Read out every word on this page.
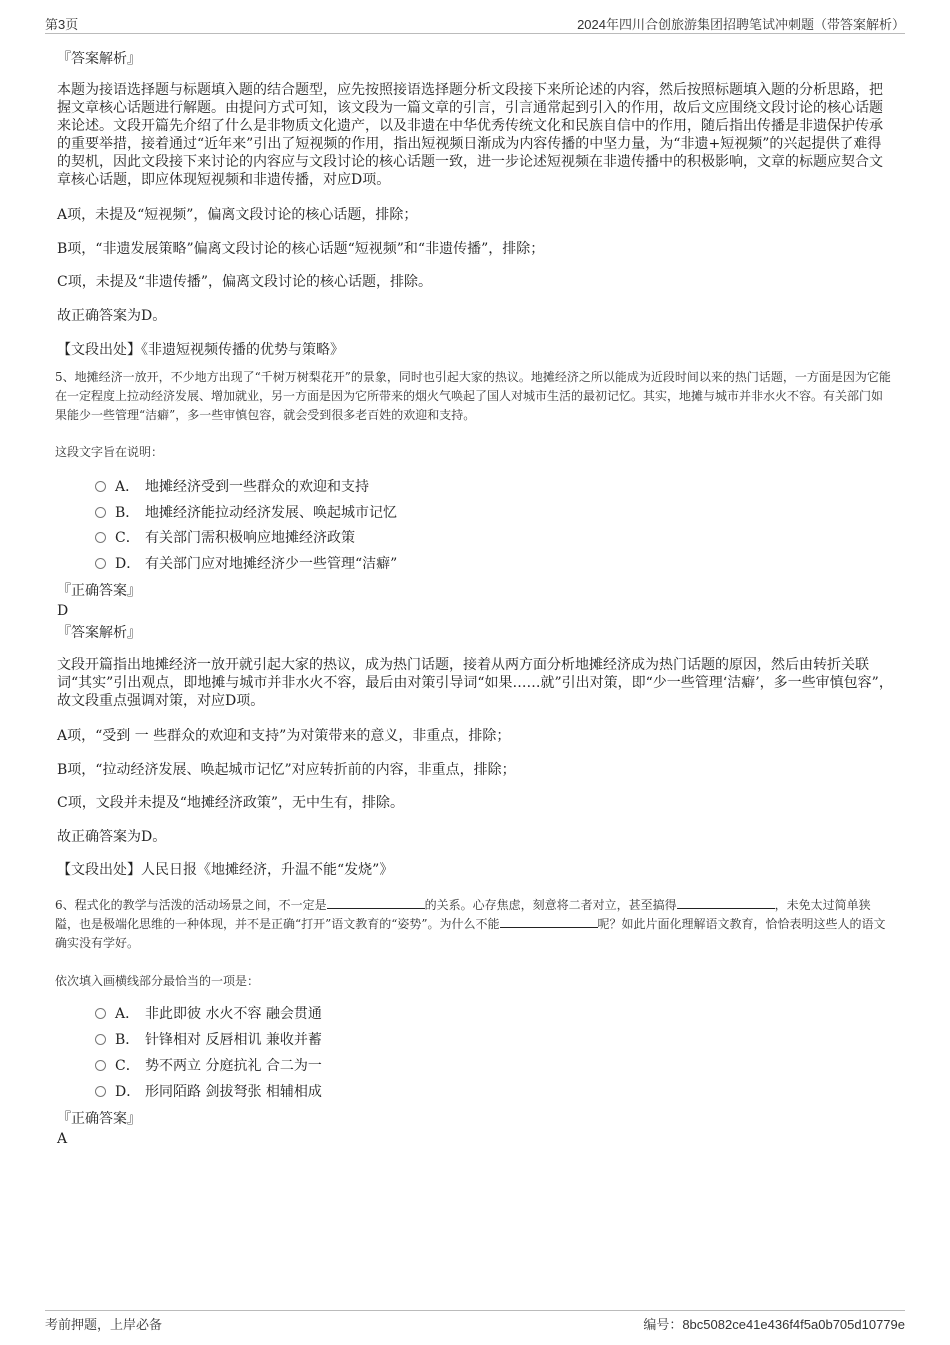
第3页	2024年四川合创旅游集团招聘笔试冲刺题（带答案解析）
『答案解析』

本题为接语选择题与标题填入题的结合题型，应先按照接语选择题分析文段接下来所论述的内容，然后按照标题填入题的分析思路，把握文章核心话题进行解题。由提问方式可知，该文段为一篇文章的引言，引言通常起到引入的作用，故后文应围绕文段讨论的核心话题来论述。文段开篇先介绍了什么是非物质文化遗产，以及非遗在中华优秀传统文化和民族自信中的作用，随后指出传播是非遗保护传承的重要举措，接着通过“近年来”引出了短视频的作用，指出短视频日渐成为内容传播的中坚力量，为“非遗+短视频”的兴起提供了难得的契机，因此文段接下来讨论的内容应与文段讨论的核心话题一致，进一步论述短视频在非遗传播中的积极影响，文章的标题应契合文章核心话题，即应体现短视频和非遗传播，对应D项。

A项，未提及“短视频”，偏离文段讨论的核心话题，排除；
B项，“非遗发展策略”偏离文段讨论的核心话题“短视频”和“非遗传播”，排除；
C项，未提及“非遗传播”，偏离文段讨论的核心话题，排除。
故正确答案为D。
【文段出处】《非遗短视频传播的优势与策略》

5、地摊经济一放开，不少地方出现了“千树万树梨花开”的景象，同时也引起大家的热议。地摊经济之所以能成为近段时间以来的热门话题，一方面是因为它能在一定程度上拉动经济发展、增加就业，另一方面是因为它所带来的烟火气唤起了国人对城市生活的最初记忆。其实，地摊与城市并非水火不容。有关部门如果能少一些管理“洁癖”，多一些审慎包容，就会受到很多老百姓的欢迎和支持。

这段文字旨在说明：
A． 地摊经济受到一些群众的欢迎和支持
B． 地摊经济能拉动经济发展、唤起城市记忆
C． 有关部门需积极响应地摊经济政策
D． 有关部门应对地摊经济少一些管理“洁癖”
『正确答案』
D
『答案解析』

文段开篇指出地摊经济一放开就引起大家的热议，成为热门话题，接着从两方面分析地摊经济成为热门话题的原因，然后由转折关联词“其实”引出观点，即地摊与城市并非水火不容，最后由对策引导词“如果……就”引出对策，即“少一些管理‘洁癖’，多一些审慎包容”，故文段重点强调对策，对应D项。

A项，“受到 一 些群众的欢迎和支持”为对策带来的意义，非重点，排除；
B项，“拉动经济发展、唤起城市记忆”对应转折前的内容，非重点，排除；
C项，文段并未提及“地摊经济政策”，无中生有，排除。
故正确答案为D。
【文段出处】人民日报《地摊经济，升温不能“发烧”》

6、程式化的教学与活泼的活动场景之间，不一定是	的关系。心存焦虑，刻意将二者对立，甚至搞得	，未免太过简单狭隘，也是极端化思维的一种体现，并不是正确“打开”语文教育的“姿势”。为什么不能	呢？如此片面化理解语文教育，恰恰表明这些人的语文确实没有学好。

依次填入画横线部分最恰当的一项是：
A． 非此即彼 水火不容 融会贯通
B． 针锋相对 反唇相讥 兼收并蓄
C． 势不两立 分庭抗礼 合二为一
D． 形同陌路 剑拔弩张 相辅相成
『正确答案』
A
考前押题，上岸必备	编号：8bc5082ce41e436f4f5a0b705d10779e
